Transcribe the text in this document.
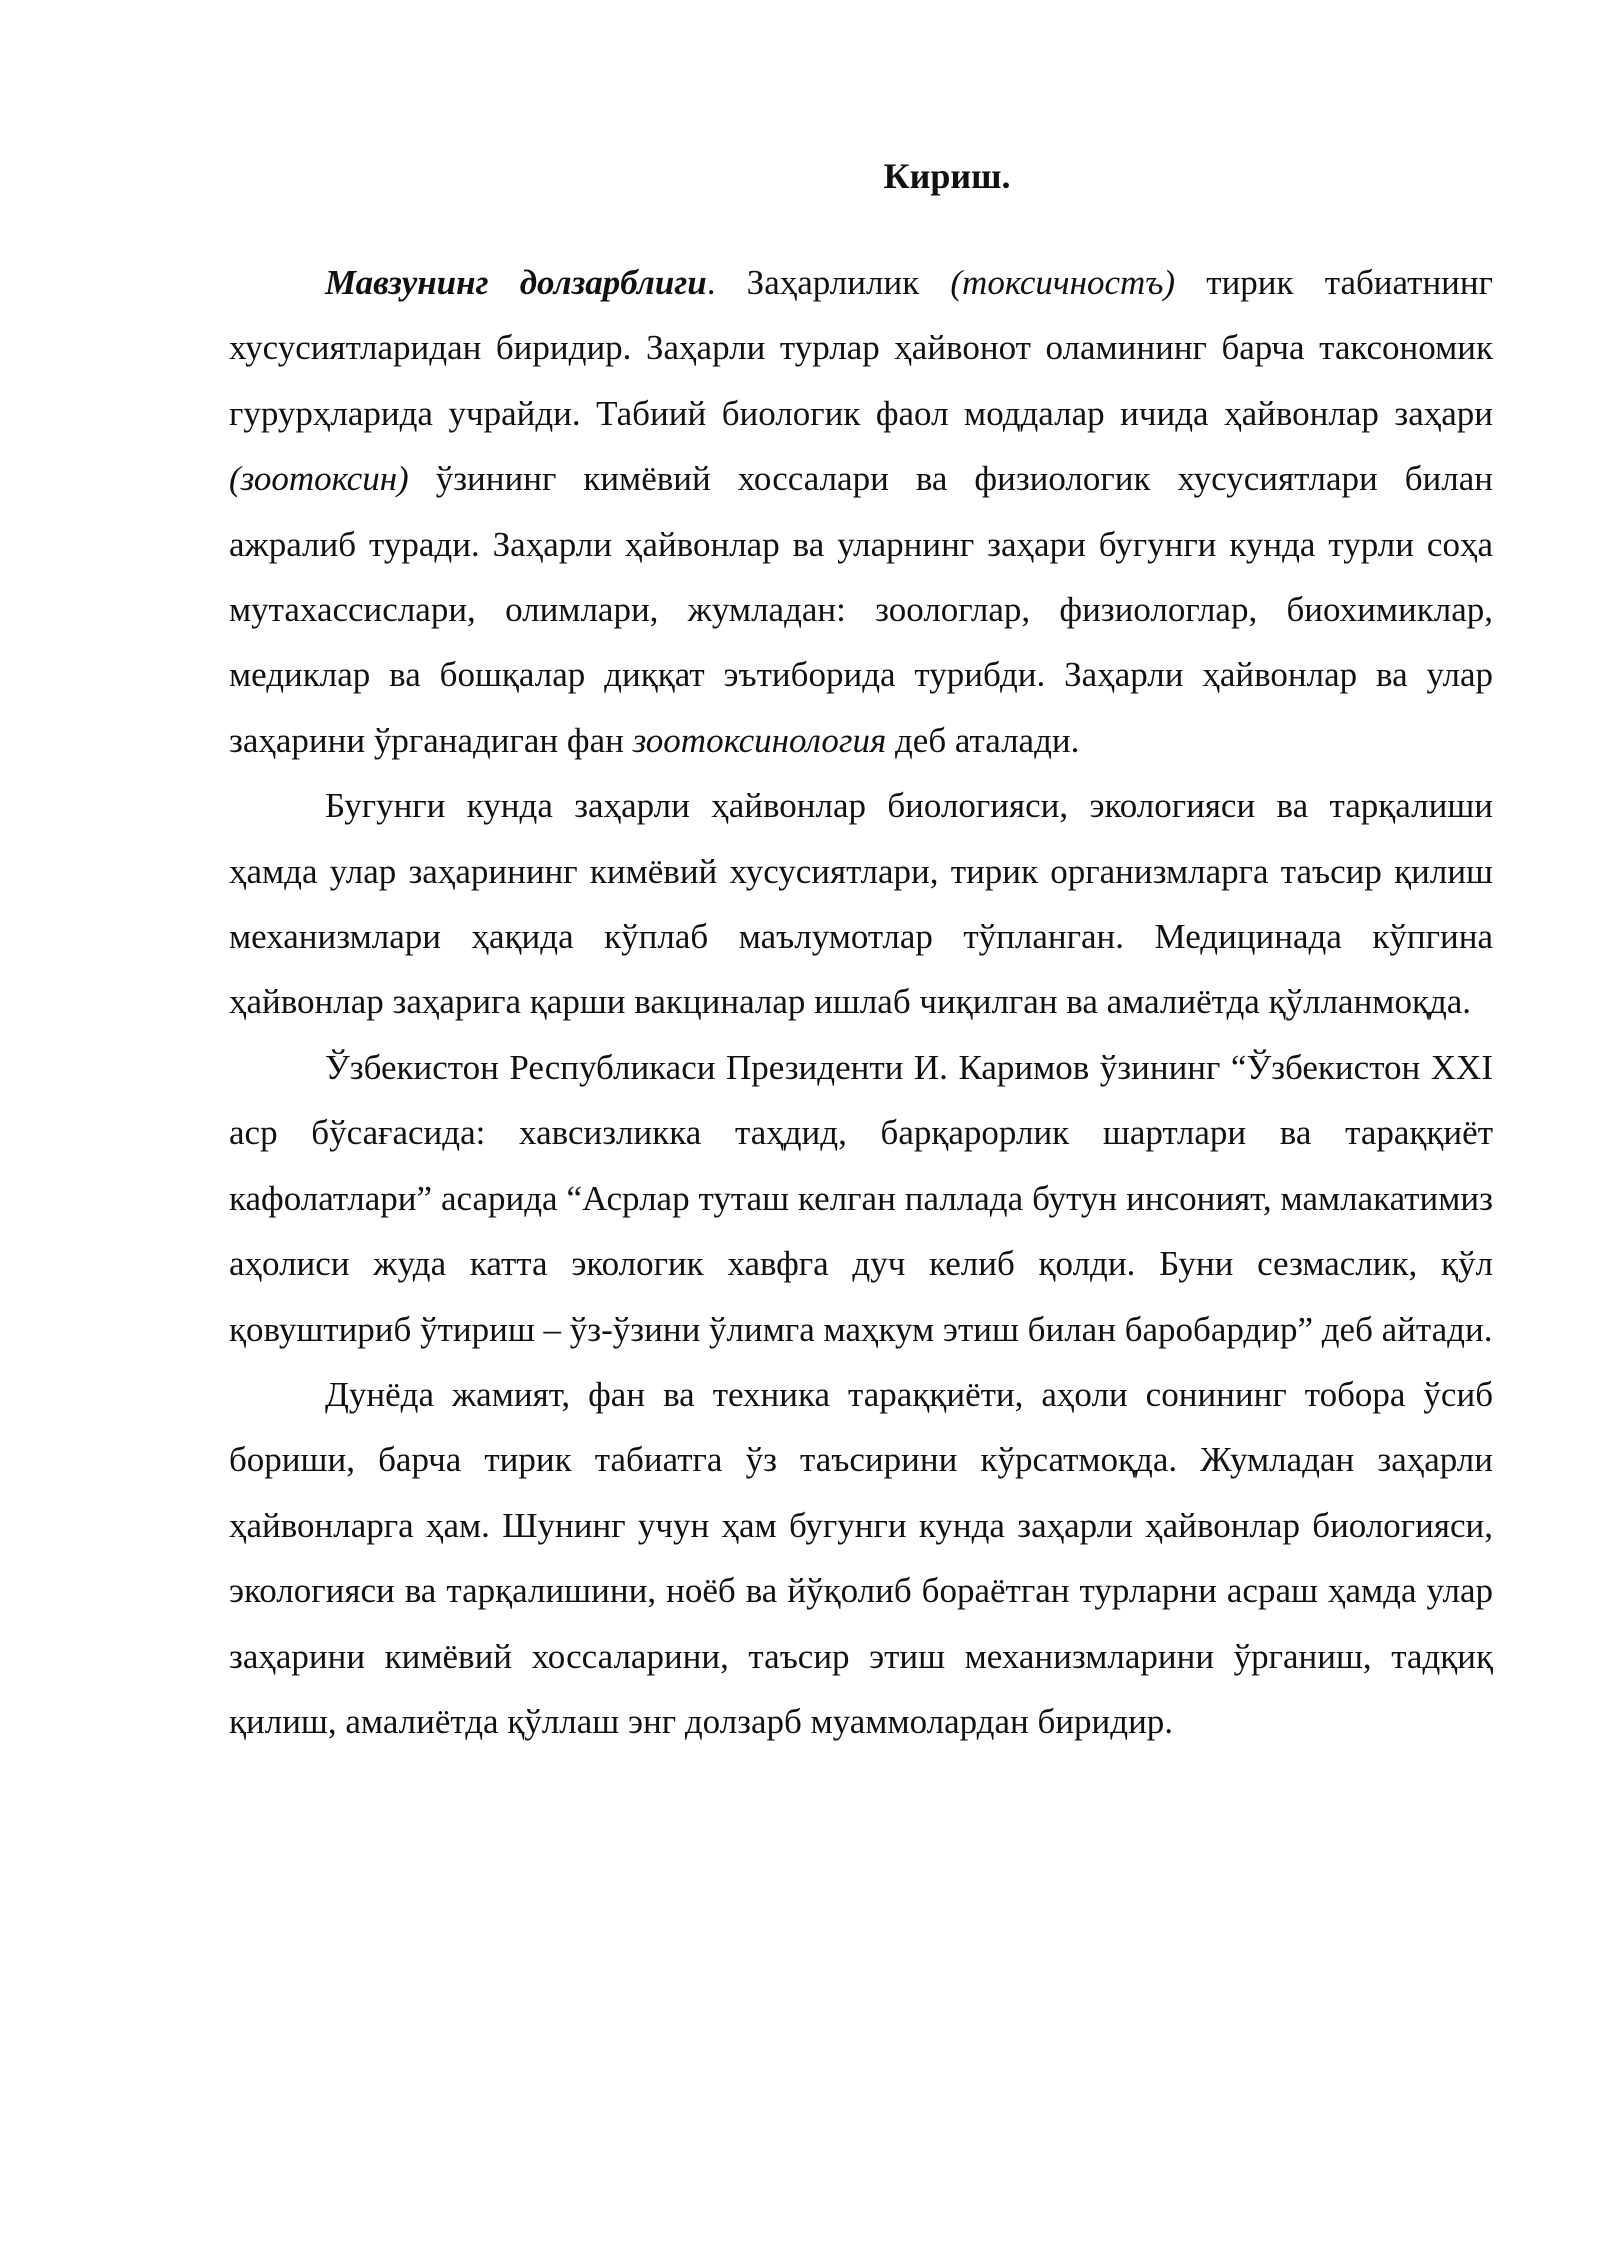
Кириш.

Мавзунинг долзарблиги. Заҳарлилик (токсичностъ) тирик табиатнинг хусусиятларидан биридир. Заҳарли турлар ҳайвонот оламининг барча таксономик гурурҳларида учрайди. Табиий биологик фаол моддалар ичида ҳайвонлар заҳари (зоотоксин) ўзининг кимёвий хоссалари ва физиологик хусусиятлари билан ажралиб туради. Заҳарли ҳайвонлар ва уларнинг заҳари бугунги кунда турли соҳа мутахассислари, олимлари, жумладан: зоологлар, физиологлар, биохимиклар, медиклар ва бошқалар диққат эътиборида турибди. Заҳарли ҳайвонлар ва улар заҳарини ўрганадиган фан зоотоксинология деб аталади.

Бугунги кунда заҳарли ҳайвонлар биологияси, экологияси ва тарқалиши ҳамда улар заҳарининг кимёвий хусусиятлари, тирик организмларга таъсир қилиш механизмлари ҳақида кўплаб маълумотлар тўпланган. Медицинада кўпгина ҳайвонлар заҳарига қарши вакциналар ишлаб чиқилган ва амалиётда қўлланмоқда.

Ўзбекистон Республикаси Президенти И. Каримов ўзининг “Ўзбекистон XXI аср бўсағасида: хавсизликка таҳдид, барқарорлик шартлари ва тараққиёт кафолатлари” асарида “Асрлар туташ келган паллада бутун инсоният, мамлакатимиз аҳолиси жуда катта экологик хавфга дуч келиб қолди. Буни сезмаслик, қўл қовуштириб ўтириш – ўз-ўзини ўлимга маҳкум этиш билан баробардир” деб айтади.

Дунёда жамият, фан ва техника тараққиёти, аҳоли сонининг тобора ўсиб бориши, барча тирик табиатга ўз таъсирини кўрсатмоқда. Жумладан заҳарли ҳайвонларга ҳам. Шунинг учун ҳам бугунги кунда заҳарли ҳайвонлар биологияси, экологияси ва тарқалишини, ноёб ва йўқолиб бораётган турларни асраш ҳамда улар заҳарини кимёвий хоссаларини, таъсир этиш механизмларини ўрганиш, тадқиқ қилиш, амалиётда қўллаш энг долзарб муаммолардан биридир.
